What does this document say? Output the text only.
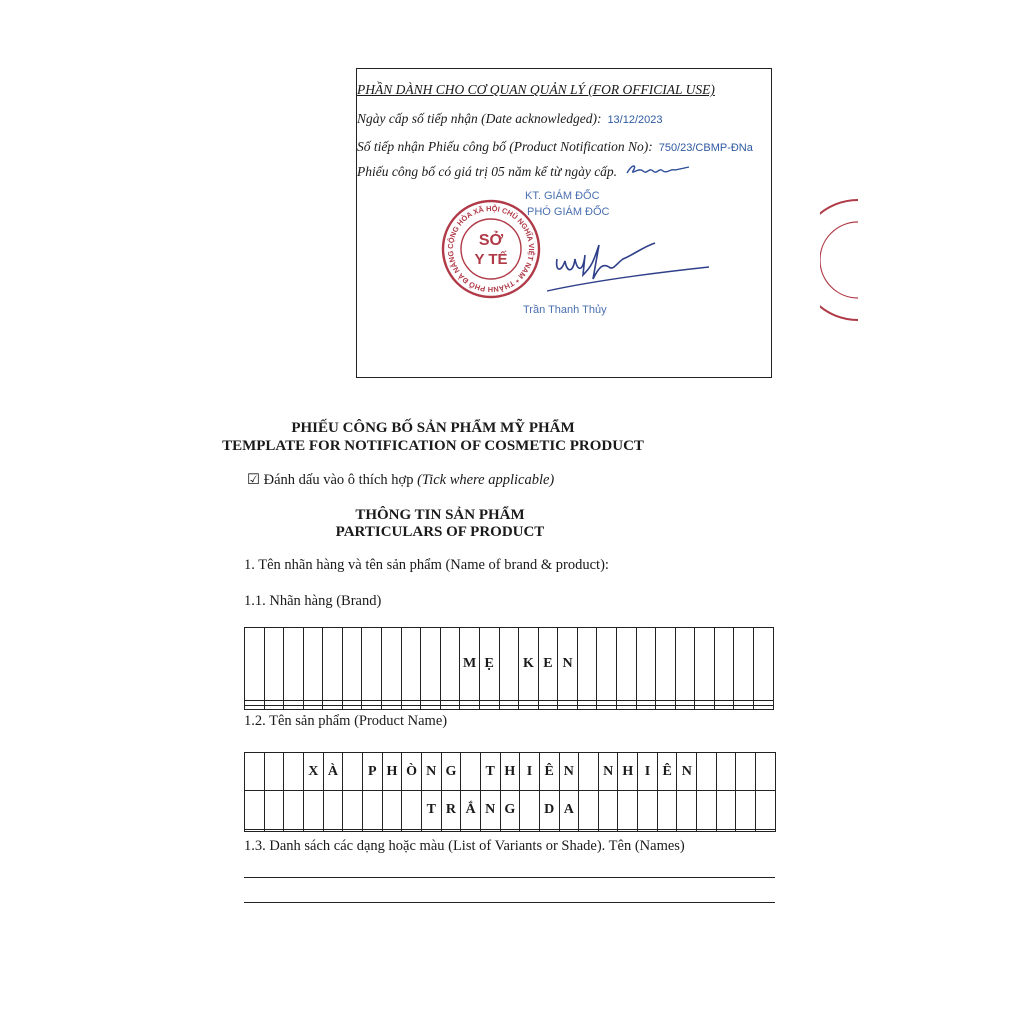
PHẦN DÀNH CHO CƠ QUAN QUẢN LÝ (FOR OFFICIAL USE)
Ngày cấp số tiếp nhận (Date acknowledged): 13/12/2023
Số tiếp nhận Phiếu công bố (Product Notification No): 750/23/CBMP-ĐNa
Phiếu công bố có giá trị 05 năm kể từ ngày cấp.
KT. GIÁM ĐỐC
PHÓ GIÁM ĐỐC
CỘNG HÒA XÃ HỘI CHỦ NGHĨA VIỆT NAM * THÀNH PHỐ ĐÀ NẴNG
SỞ
Y TẾ
Trần Thanh Thủy
PHIẾU CÔNG BỐ SẢN PHẨM MỸ PHẨM
TEMPLATE FOR NOTIFICATION OF COSMETIC PRODUCT
☑ Đánh dấu vào ô thích hợp (Tick where applicable)
THÔNG TIN SẢN PHẨM
PARTICULARS OF PRODUCT
1. Tên nhãn hàng và tên sản phẩm (Name of brand & product):
1.1. Nhãn hàng (Brand)
											M	Ẹ		K	E	N										

1.2. Tên sản phẩm (Product Name)
			X	À		P	H	Ò	N	G		T	H	I	Ê	N		N	H	I	Ê	N				
									T	R	Ắ	N	G		D	A										

1.3. Danh sách các dạng hoặc màu (List of Variants or Shade). Tên (Names)
